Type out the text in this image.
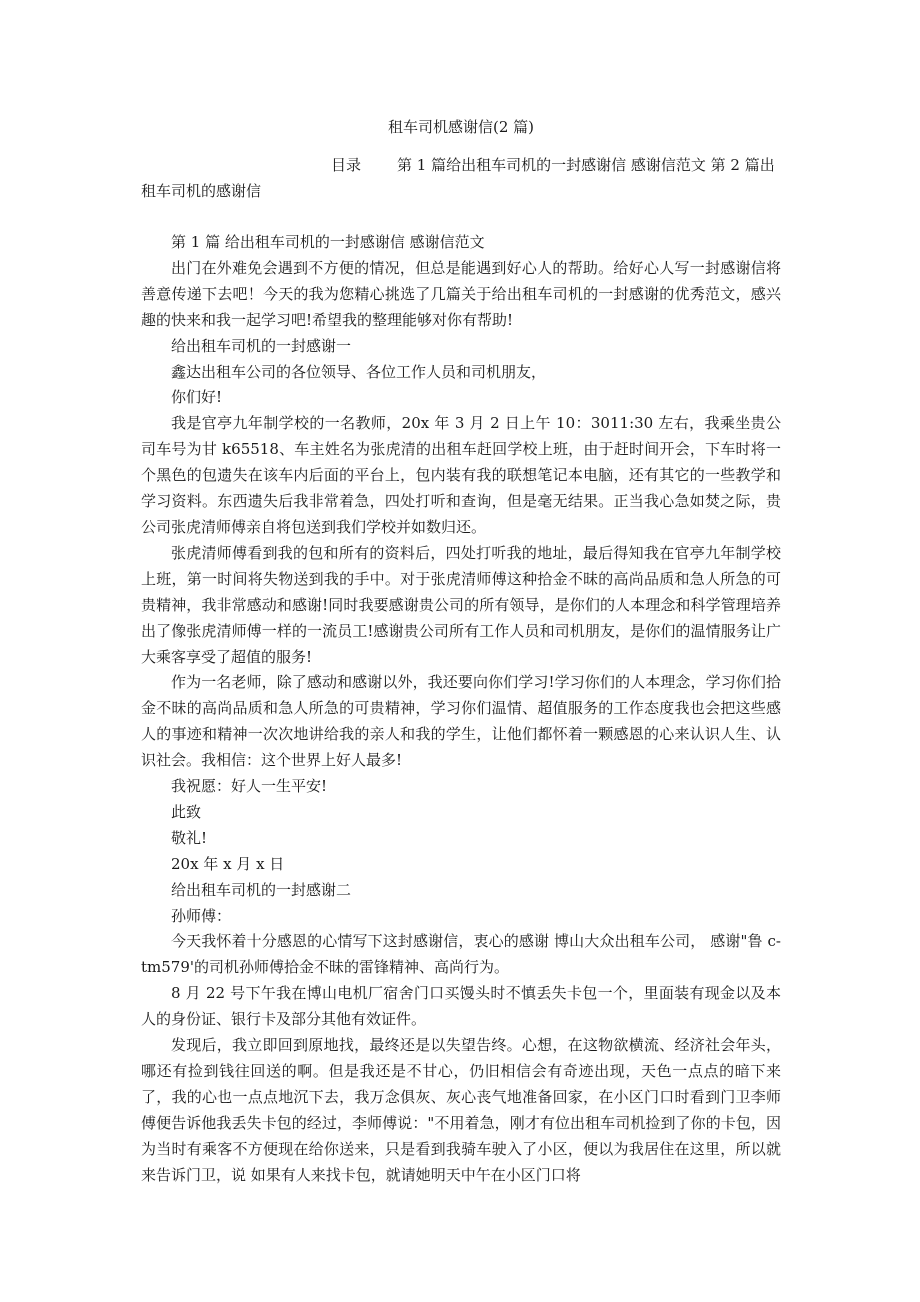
租车司机感谢信(2 篇)
目录 第 1 篇给出租车司机的一封感谢信 感谢信范文 第 2 篇出租车司机的感谢信

第 1 篇 给出租车司机的一封感谢信 感谢信范文

出门在外难免会遇到不方便的情况，但总是能遇到好心人的帮助。给好心人写一封感谢信将善意传递下去吧！今天的我为您精心挑选了几篇关于给出租车司机的一封感谢的优秀范文，感兴趣的快来和我一起学习吧!希望我的整理能够对你有帮助!

给出租车司机的一封感谢一

鑫达出租车公司的各位领导、各位工作人员和司机朋友，

你们好!

我是官亭九年制学校的一名教师，20x 年 3 月 2 日上午 10：3011:30 左右，我乘坐贵公司车号为甘 k65518、车主姓名为张虎清的出租车赶回学校上班，由于赶时间开会，下车时将一个黑色的包遗失在该车内后面的平台上，包内装有我的联想笔记本电脑，还有其它的一些教学和学习资料。东西遗失后我非常着急，四处打听和查询，但是毫无结果。正当我心急如焚之际，贵公司张虎清师傅亲自将包送到我们学校并如数归还。

张虎清师傅看到我的包和所有的资料后，四处打听我的地址，最后得知我在官亭九年制学校上班，第一时间将失物送到我的手中。对于张虎清师傅这种拾金不昧的高尚品质和急人所急的可贵精神，我非常感动和感谢!同时我要感谢贵公司的所有领导，是你们的人本理念和科学管理培养出了像张虎清师傅一样的一流员工!感谢贵公司所有工作人员和司机朋友，是你们的温情服务让广大乘客享受了超值的服务!

作为一名老师，除了感动和感谢以外，我还要向你们学习!学习你们的人本理念，学习你们拾金不昧的高尚品质和急人所急的可贵精神，学习你们温情、超值服务的工作态度我也会把这些感人的事迹和精神一次次地讲给我的亲人和我的学生，让他们都怀着一颗感恩的心来认识人生、认识社会。我相信：这个世界上好人最多!

我祝愿：好人一生平安!

此致

敬礼!

20x 年 x 月 x 日

给出租车司机的一封感谢二

孙师傅：

今天我怀着十分感恩的心情写下这封感谢信，衷心的感谢 博山大众出租车公司， 感谢"鲁 c-tm579'的司机孙师傅拾金不昧的雷锋精神、高尚行为。

8 月 22 号下午我在博山电机厂宿舍门口买馒头时不慎丢失卡包一个，里面装有现金以及本人的身份证、银行卡及部分其他有效证件。

发现后，我立即回到原地找，最终还是以失望告终。心想，在这物欲横流、经济社会年头，哪还有捡到钱往回送的啊。但是我还是不甘心，仍旧相信会有奇迹出现，天色一点点的暗下来了，我的心也一点点地沉下去，我万念俱灰、灰心丧气地准备回家，在小区门口时看到门卫李师傅便告诉他我丢失卡包的经过，李师傅说："不用着急，刚才有位出租车司机捡到了你的卡包，因为当时有乘客不方便现在给你送来，只是看到我骑车驶入了小区，便以为我居住在这里，所以就来告诉门卫，说 如果有人来找卡包，就请她明天中午在小区门口将
